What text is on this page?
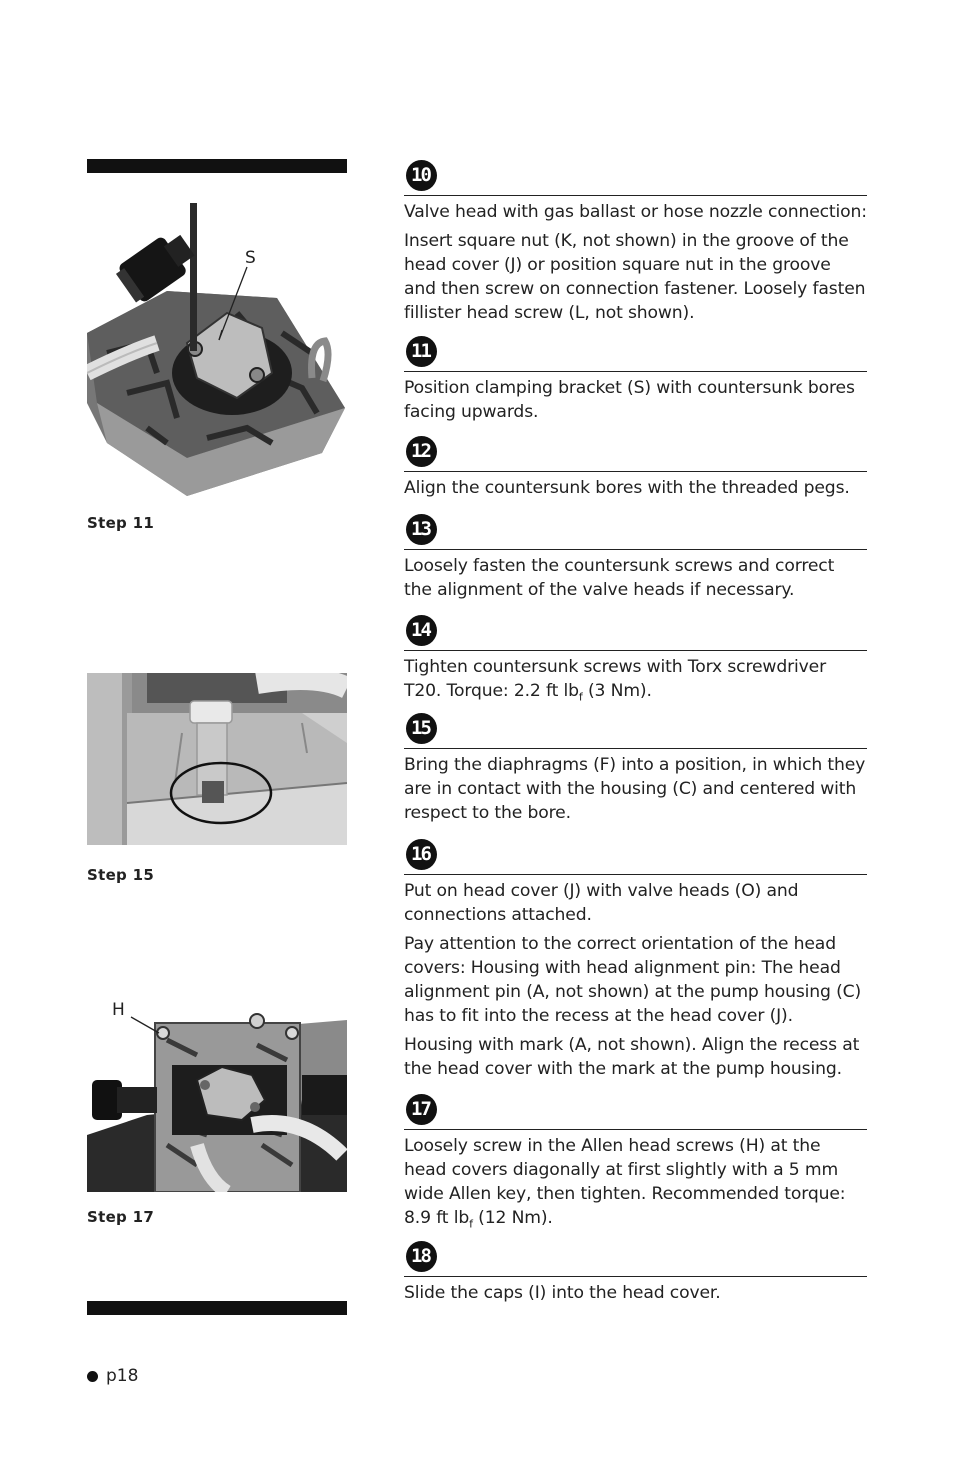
S
Step 11
Step 15
H
Step 17
10
Valve head with gas ballast or hose nozzle connection:
Insert square nut (K, not shown) in the groove of the head cover (J) or position square nut in the groove and then screw on connection fastener. Loosely fasten fillister head screw (L, not shown).
11
Position clamping bracket (S) with countersunk bores facing upwards.
12
Align the countersunk bores with the threaded pegs.
13
Loosely fasten the countersunk screws and correct the alignment of the valve heads if necessary.
14
Tighten countersunk screws with Torx screwdriver T20. Torque: 2.2 ft $lb_f$ (3 Nm).
15
Bring the diaphragms (F) into a position, in which they are in contact with the housing (C) and centered with respect to the bore.
16
Put on head cover (J) with valve heads (O) and connections attached.
Pay attention to the correct orientation of the head covers: Housing with head alignment pin: The head alignment pin (A, not shown) at the pump housing (C) has to fit into the recess at the head cover (J).
Housing with mark (A, not shown). Align the recess at the head cover with the mark at the pump housing.
17
Loosely screw in the Allen head screws (H) at the head covers diagonally at first slightly with a 5 mm wide Allen key, then tighten. Recommended torque: 8.9 ft $lb_f$ (12 Nm).
18
Slide the caps (I) into the head cover.
p18
